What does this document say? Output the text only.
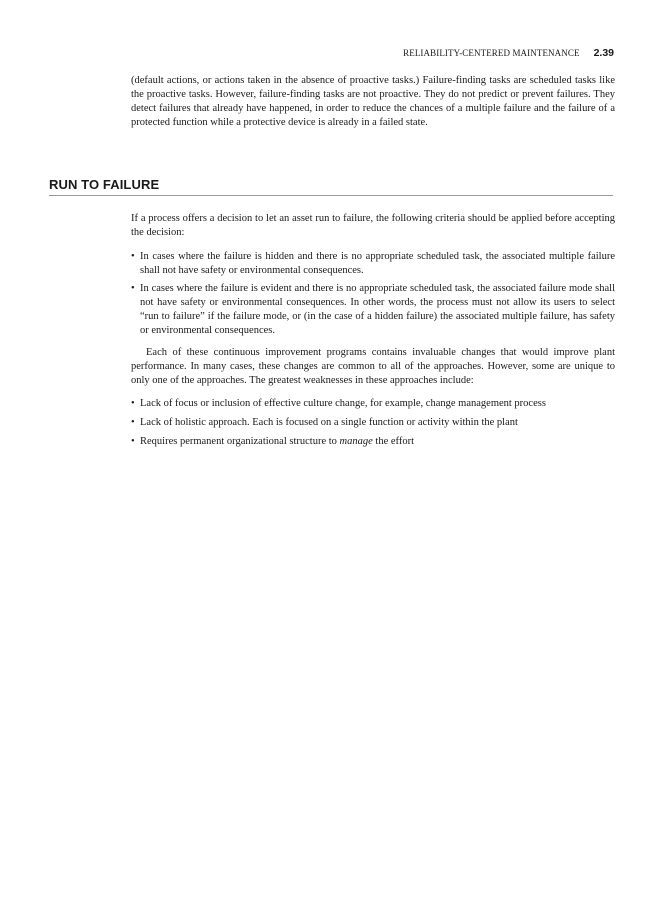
RELIABILITY-CENTERED MAINTENANCE 2.39

(default actions, or actions taken in the absence of proactive tasks.) Failure-finding tasks are scheduled tasks like the proactive tasks. However, failure-finding tasks are not proactive. They do not predict or prevent failures. They detect failures that already have happened, in order to reduce the chances of a multiple failure and the failure of a protected function while a protective device is already in a failed state.

RUN TO FAILURE

If a process offers a decision to let an asset run to failure, the following criteria should be applied before accepting the decision:

• In cases where the failure is hidden and there is no appropriate scheduled task, the associated multiple failure shall not have safety or environmental consequences.
• In cases where the failure is evident and there is no appropriate scheduled task, the associated failure mode shall not have safety or environmental consequences. In other words, the process must not allow its users to select “run to failure” if the failure mode, or (in the case of a hidden failure) the associated multiple failure, has safety or environmental consequences.

Each of these continuous improvement programs contains invaluable changes that would improve plant performance. In many cases, these changes are common to all of the approaches. However, some are unique to only one of the approaches. The greatest weaknesses in these approaches include:

• Lack of focus or inclusion of effective culture change, for example, change management process
• Lack of holistic approach. Each is focused on a single function or activity within the plant
• Requires permanent organizational structure to manage the effort
